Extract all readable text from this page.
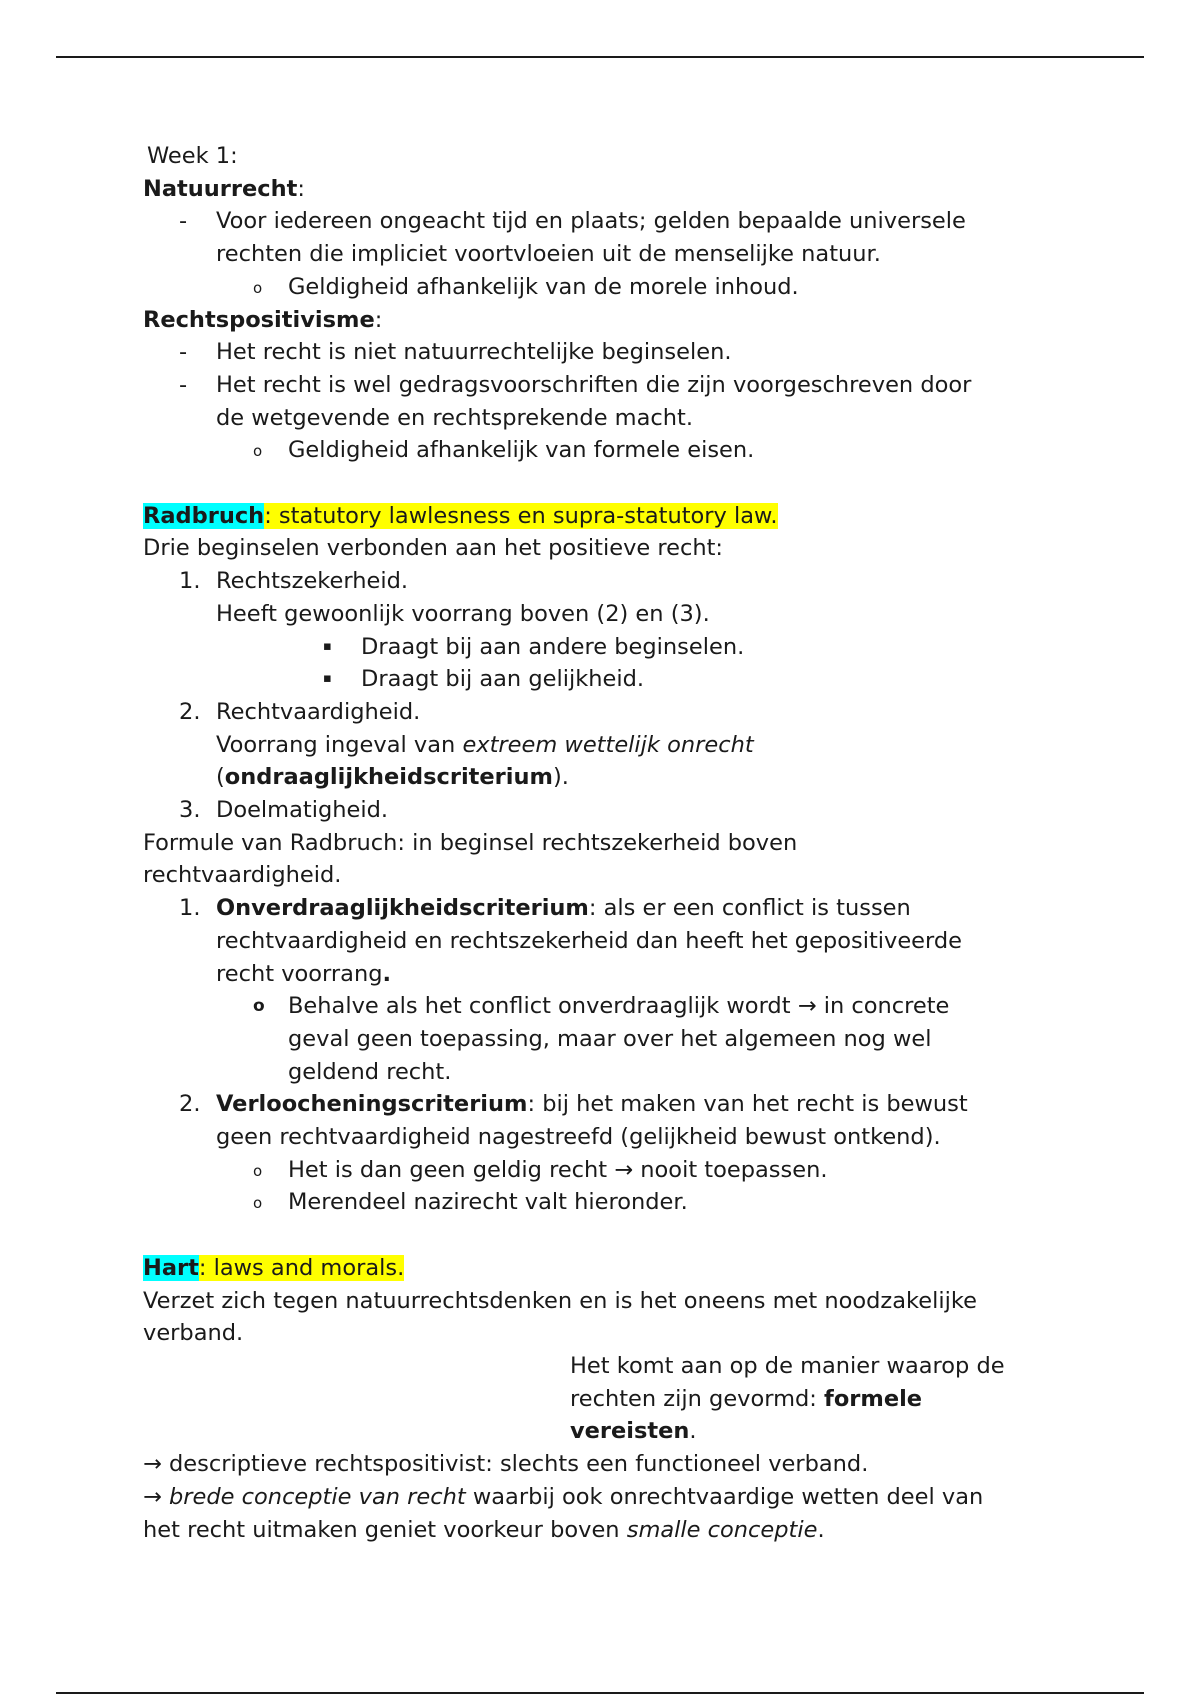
Week 1:
Natuurrecht:
- Voor iedereen ongeacht tijd en plaats; gelden bepaalde universele
rechten die impliciet voortvloeien uit de menselijke natuur.
o Geldigheid afhankelijk van de morele inhoud.
Rechtspositivisme:
- Het recht is niet natuurrechtelijke beginselen.
- Het recht is wel gedragsvoorschriften die zijn voorgeschreven door
de wetgevende en rechtsprekende macht.
o Geldigheid afhankelijk van formele eisen.
Radbruch: statutory lawlesness en supra-statutory law.
Drie beginselen verbonden aan het positieve recht:
1. Rechtszekerheid.
Heeft gewoonlijk voorrang boven (2) en (3).
▪ Draagt bij aan andere beginselen.
▪ Draagt bij aan gelijkheid.
2. Rechtvaardigheid.
Voorrang ingeval van extreem wettelijk onrecht
(ondraaglijkheidscriterium).
3. Doelmatigheid.
Formule van Radbruch: in beginsel rechtszekerheid boven
rechtvaardigheid.
1. Onverdraaglijkheidscriterium: als er een conflict is tussen
rechtvaardigheid en rechtszekerheid dan heeft het gepositiveerde
recht voorrang.
o Behalve als het conflict onverdraaglijk wordt → in concrete
geval geen toepassing, maar over het algemeen nog wel
geldend recht.
2. Verloocheningscriterium: bij het maken van het recht is bewust
geen rechtvaardigheid nagestreefd (gelijkheid bewust ontkend).
o Het is dan geen geldig recht → nooit toepassen.
o Merendeel nazirecht valt hieronder.
Hart: laws and morals.
Verzet zich tegen natuurrechtsdenken en is het oneens met noodzakelijke
verband.
Het komt aan op de manier waarop de
rechten zijn gevormd: formele
vereisten.
→ descriptieve rechtspositivist: slechts een functioneel verband.
→ brede conceptie van recht waarbij ook onrechtvaardige wetten deel van
het recht uitmaken geniet voorkeur boven smalle conceptie.
